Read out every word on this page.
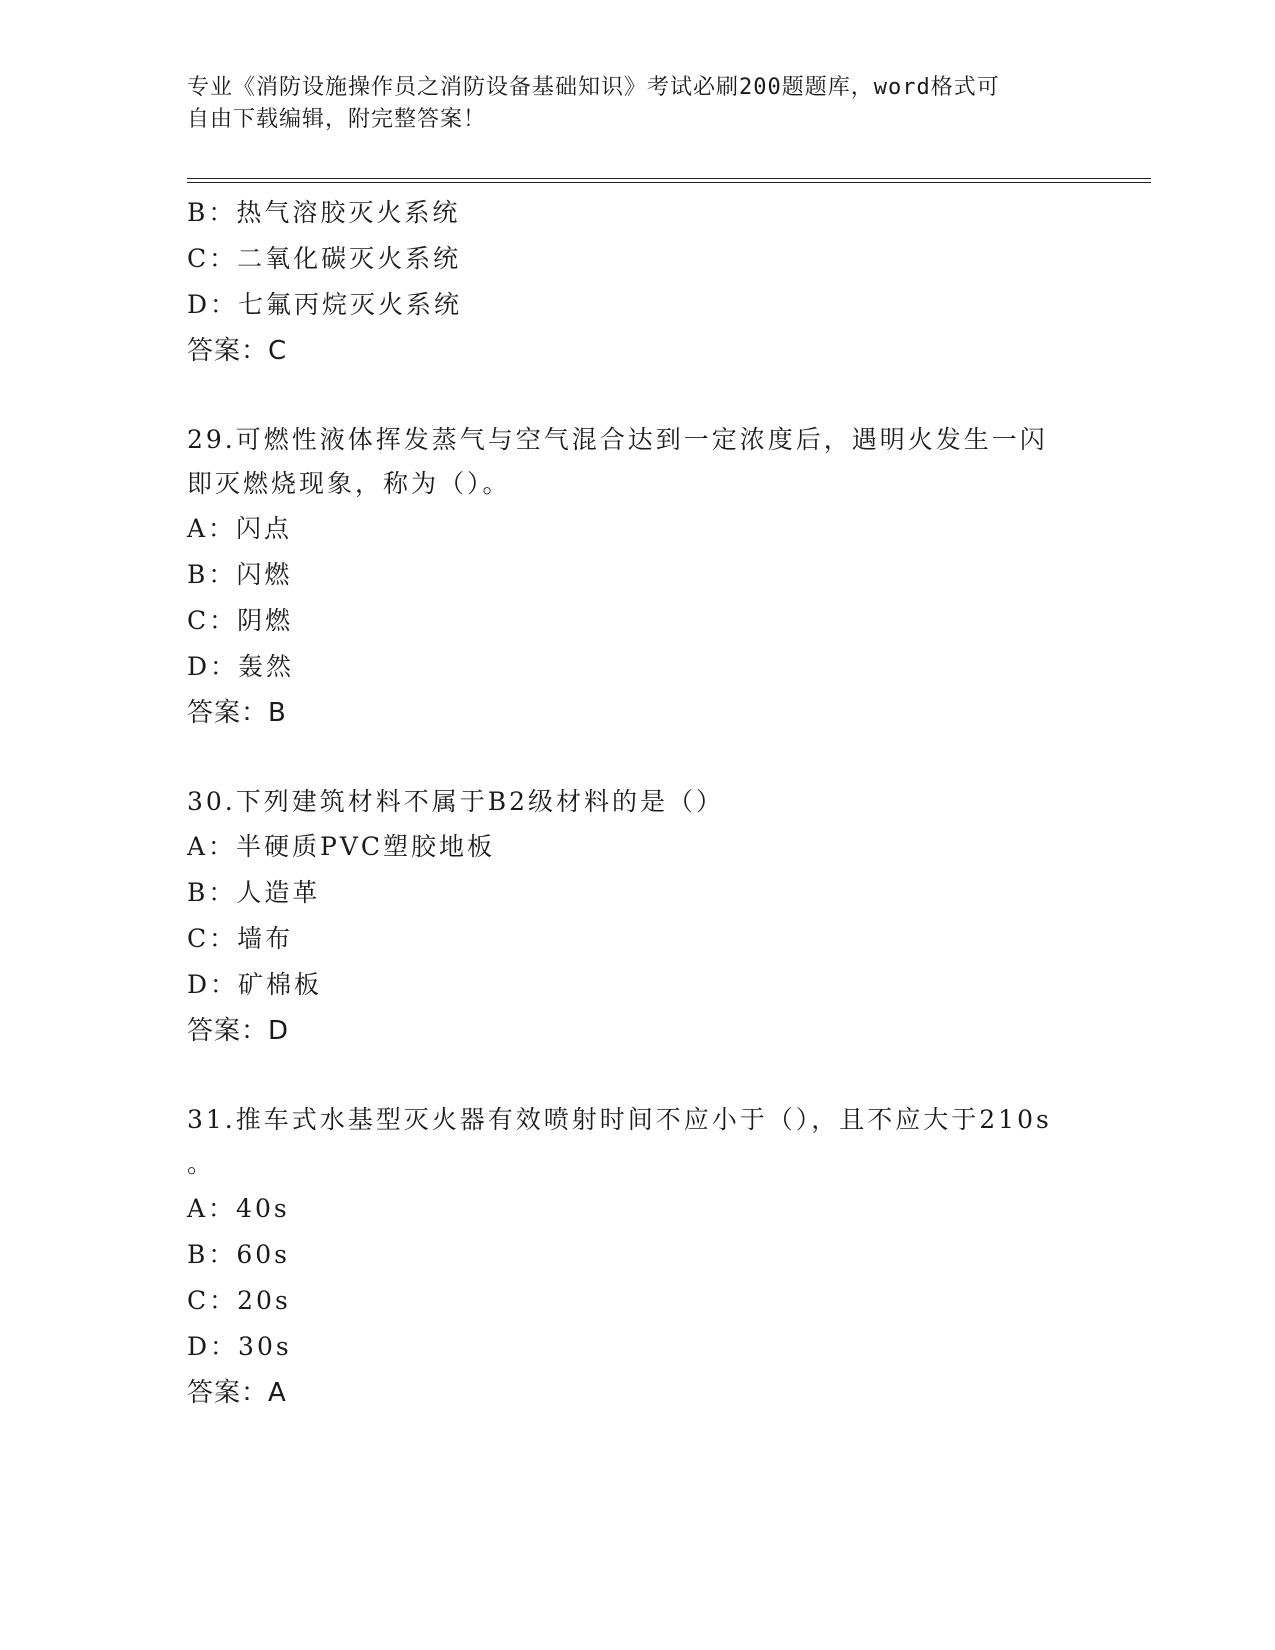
专业《消防设施操作员之消防设备基础知识》考试必刷200题题库，word格式可
自由下载编辑，附完整答案！
B：热气溶胶灭火系统
C：二氧化碳灭火系统
D：七氟丙烷灭火系统
答案：C
29.可燃性液体挥发蒸气与空气混合达到一定浓度后，遇明火发生一闪
即灭燃烧现象，称为（）。
A：闪点
B：闪燃
C：阴燃
D：轰然
答案：B
30.下列建筑材料不属于B2级材料的是（）
A：半硬质PVC塑胶地板
B：人造革
C：墙布
D：矿棉板
答案：D
31.推车式水基型灭火器有效喷射时间不应小于（），且不应大于210s
。
A：40s
B：60s
C：20s
D：30s
答案：A
